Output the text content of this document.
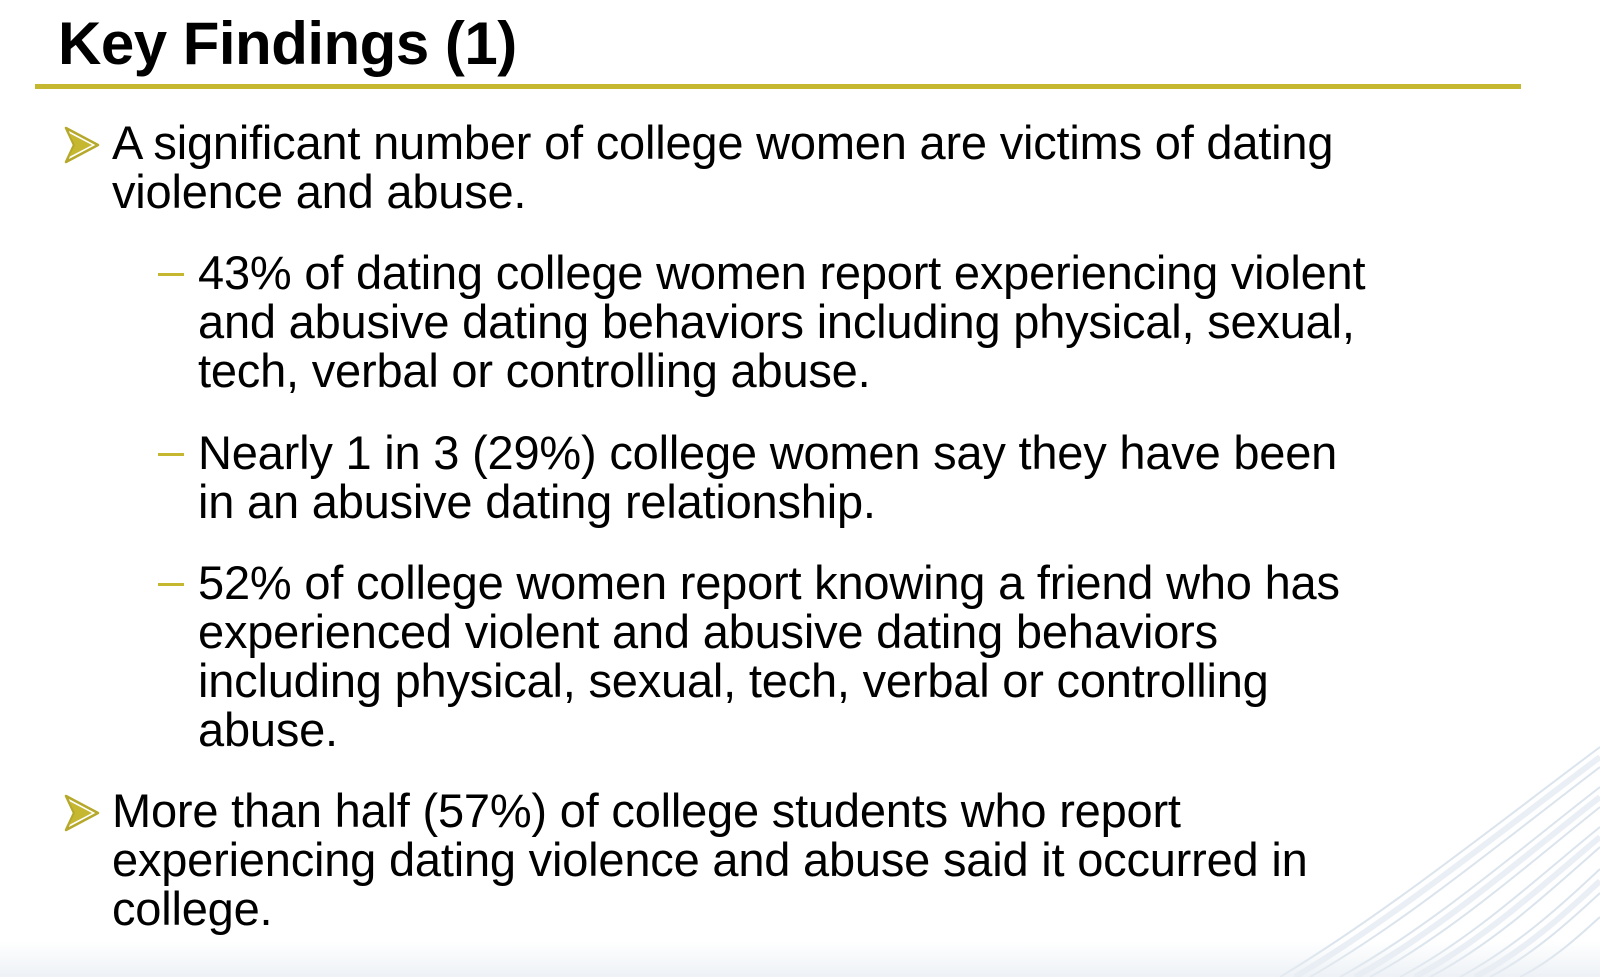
Key Findings (1)
A significant number of college women are victims of dating
violence and abuse.
43% of dating college women report experiencing violent
and abusive dating behaviors including physical, sexual,
tech, verbal or controlling abuse.
Nearly 1 in 3 (29%) college women say they have been
in an abusive dating relationship.
52% of college women report knowing a friend who has
experienced violent and abusive dating behaviors
including physical, sexual, tech, verbal or controlling
abuse.
More than half (57%) of college students who report
experiencing dating violence and abuse said it occurred in
college.
